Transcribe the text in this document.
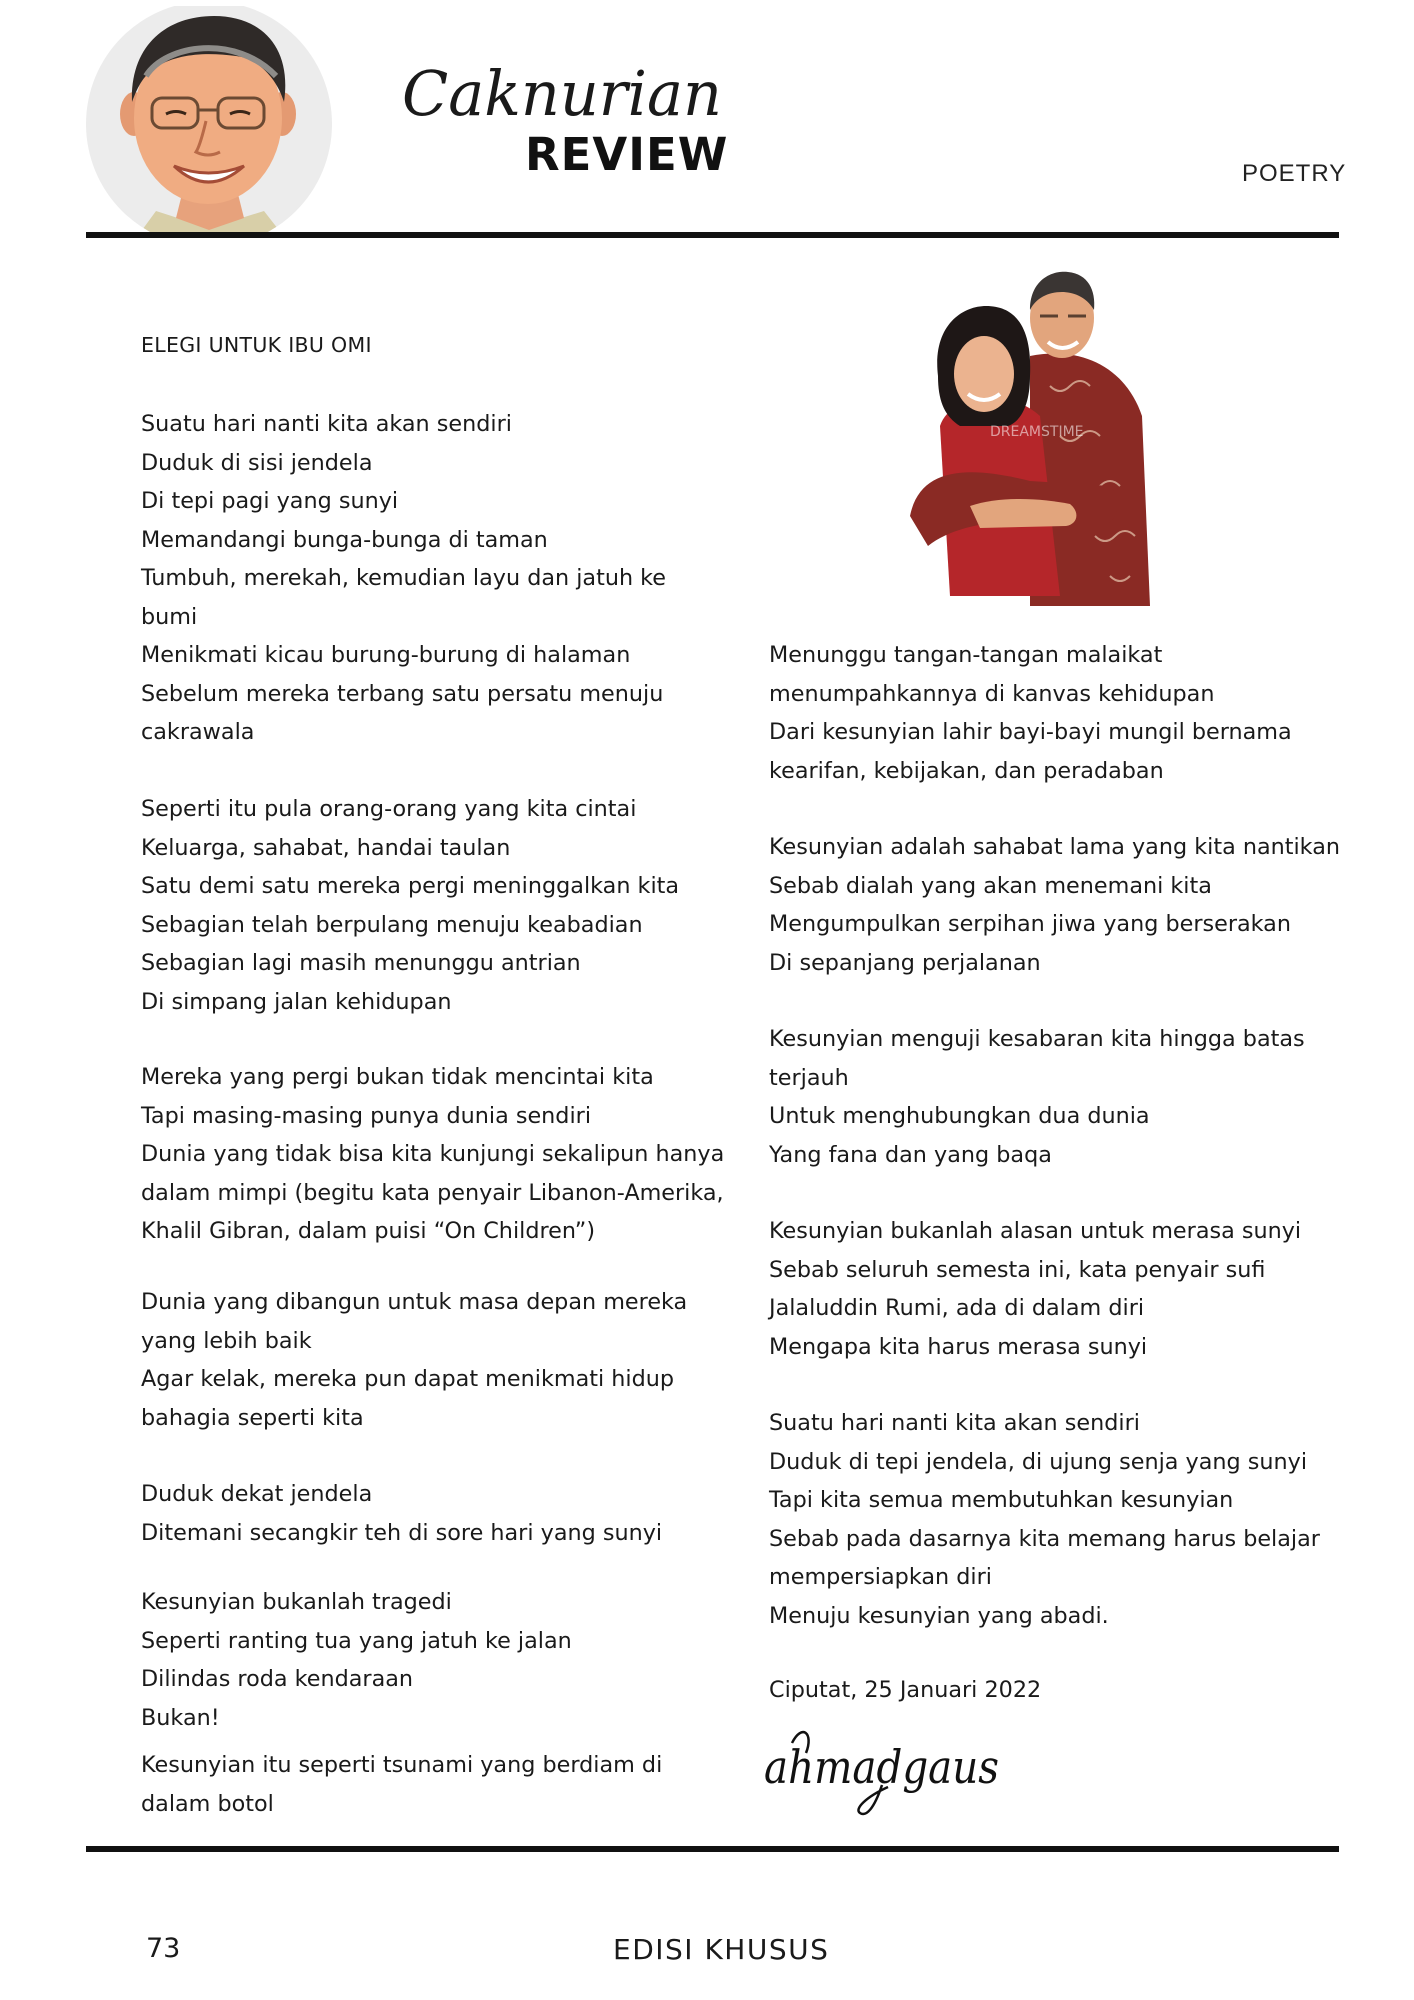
Caknurian
REVIEW	POETRY
DREAMSTIME
ELEGI UNTUK IBU OMI
Suatu hari nanti kita akan sendiri
Duduk di sisi jendela
Di tepi pagi yang sunyi
Memandangi bunga-bunga di taman
Tumbuh, merekah, kemudian layu dan jatuh ke
bumi
Menikmati kicau burung-burung di halaman
Sebelum mereka terbang satu persatu menuju
cakrawala
Seperti itu pula orang-orang yang kita cintai
Keluarga, sahabat, handai taulan
Satu demi satu mereka pergi meninggalkan kita
Sebagian telah berpulang menuju keabadian
Sebagian lagi masih menunggu antrian
Di simpang jalan kehidupan
Mereka yang pergi bukan tidak mencintai kita
Tapi masing-masing punya dunia sendiri
Dunia yang tidak bisa kita kunjungi sekalipun hanya
dalam mimpi (begitu kata penyair Libanon-Amerika,
Khalil Gibran, dalam puisi “On Children”)
Dunia yang dibangun untuk masa depan mereka
yang lebih baik
Agar kelak, mereka pun dapat menikmati hidup
bahagia seperti kita
Duduk dekat jendela
Ditemani secangkir teh di sore hari yang sunyi
Kesunyian bukanlah tragedi
Seperti ranting tua yang jatuh ke jalan
Dilindas roda kendaraan
Bukan!
Kesunyian itu seperti tsunami yang berdiam di
dalam botol
Menunggu tangan-tangan malaikat
menumpahkannya di kanvas kehidupan
Dari kesunyian lahir bayi-bayi mungil bernama
kearifan, kebijakan, dan peradaban
Kesunyian adalah sahabat lama yang kita nantikan
Sebab dialah yang akan menemani kita
Mengumpulkan serpihan jiwa yang berserakan
Di sepanjang perjalanan
Kesunyian menguji kesabaran kita hingga batas
terjauh
Untuk menghubungkan dua dunia
Yang fana dan yang baqa
Kesunyian bukanlah alasan untuk merasa sunyi
Sebab seluruh semesta ini, kata penyair sufi
Jalaluddin Rumi, ada di dalam diri
Mengapa kita harus merasa sunyi
Suatu hari nanti kita akan sendiri
Duduk di tepi jendela, di ujung senja yang sunyi
Tapi kita semua membutuhkan kesunyian
Sebab pada dasarnya kita memang harus belajar
mempersiapkan diri
Menuju kesunyian yang abadi.
Ciputat, 25 Januari 2022
ahmadgaus
73	EDISI KHUSUS
